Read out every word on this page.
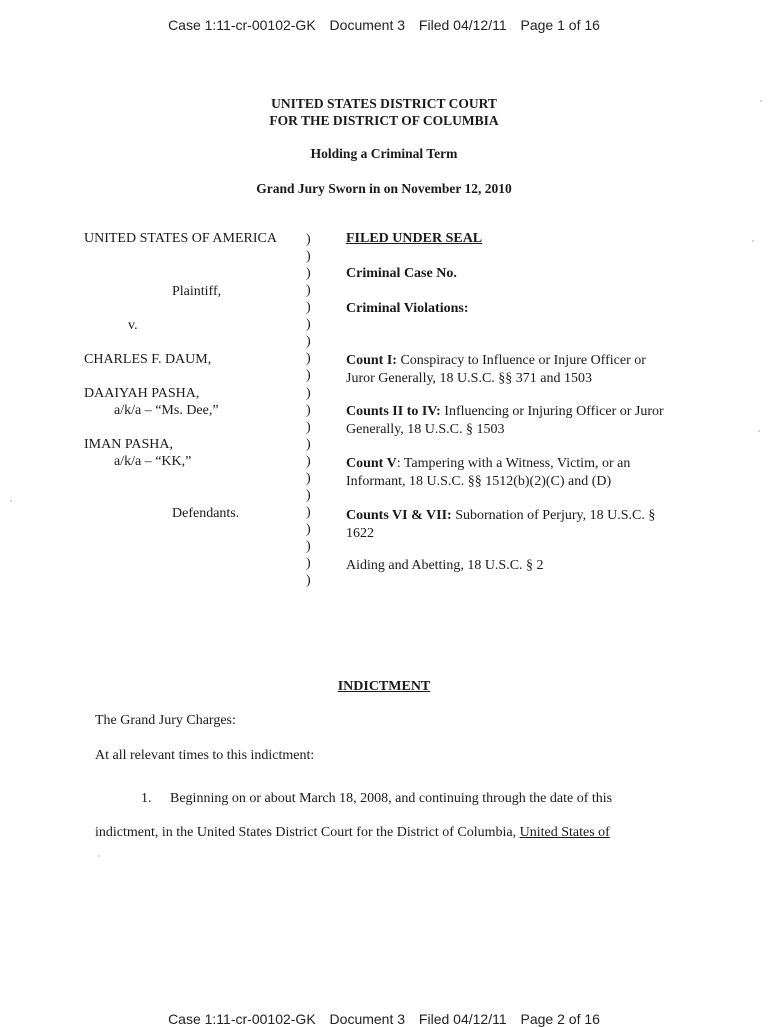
Case 1:11-cr-00102-GK Document 3 Filed 04/12/11 Page 1 of 16
UNITED STATES DISTRICT COURT
FOR THE DISTRICT OF COLUMBIA
Holding a Criminal Term
Grand Jury Sworn in on November 12, 2010
UNITED STATES OF AMERICA
Plaintiff,
v.
CHARLES F. DAUM,
DAAIYAH PASHA,
a/k/a – “Ms. Dee,”
IMAN PASHA,
a/k/a – “KK,”
Defendants.
)
)
)
)
)
)
)
)
)
)
)
)
)
)
)
)
)
)
)
)
)
FILED UNDER SEAL
Criminal Case No.
Criminal Violations:
Count I: Conspiracy to Influence or Injure Officer or Juror Generally, 18 U.S.C. §§ 371 and 1503
Counts II to IV: Influencing or Injuring Officer or Juror Generally, 18 U.S.C. § 1503
Count V: Tampering with a Witness, Victim, or an Informant, 18 U.S.C. §§ 1512(b)(2)(C) and (D)
Counts VI & VII: Subornation of Perjury, 18 U.S.C. § 1622
Aiding and Abetting, 18 U.S.C. § 2
INDICTMENT
The Grand Jury Charges:
At all relevant times to this indictment:
1. Beginning on or about March 18, 2008, and continuing through the date of this
indictment, in the United States District Court for the District of Columbia, United States of
Case 1:11-cr-00102-GK Document 3 Filed 04/12/11 Page 2 of 16
